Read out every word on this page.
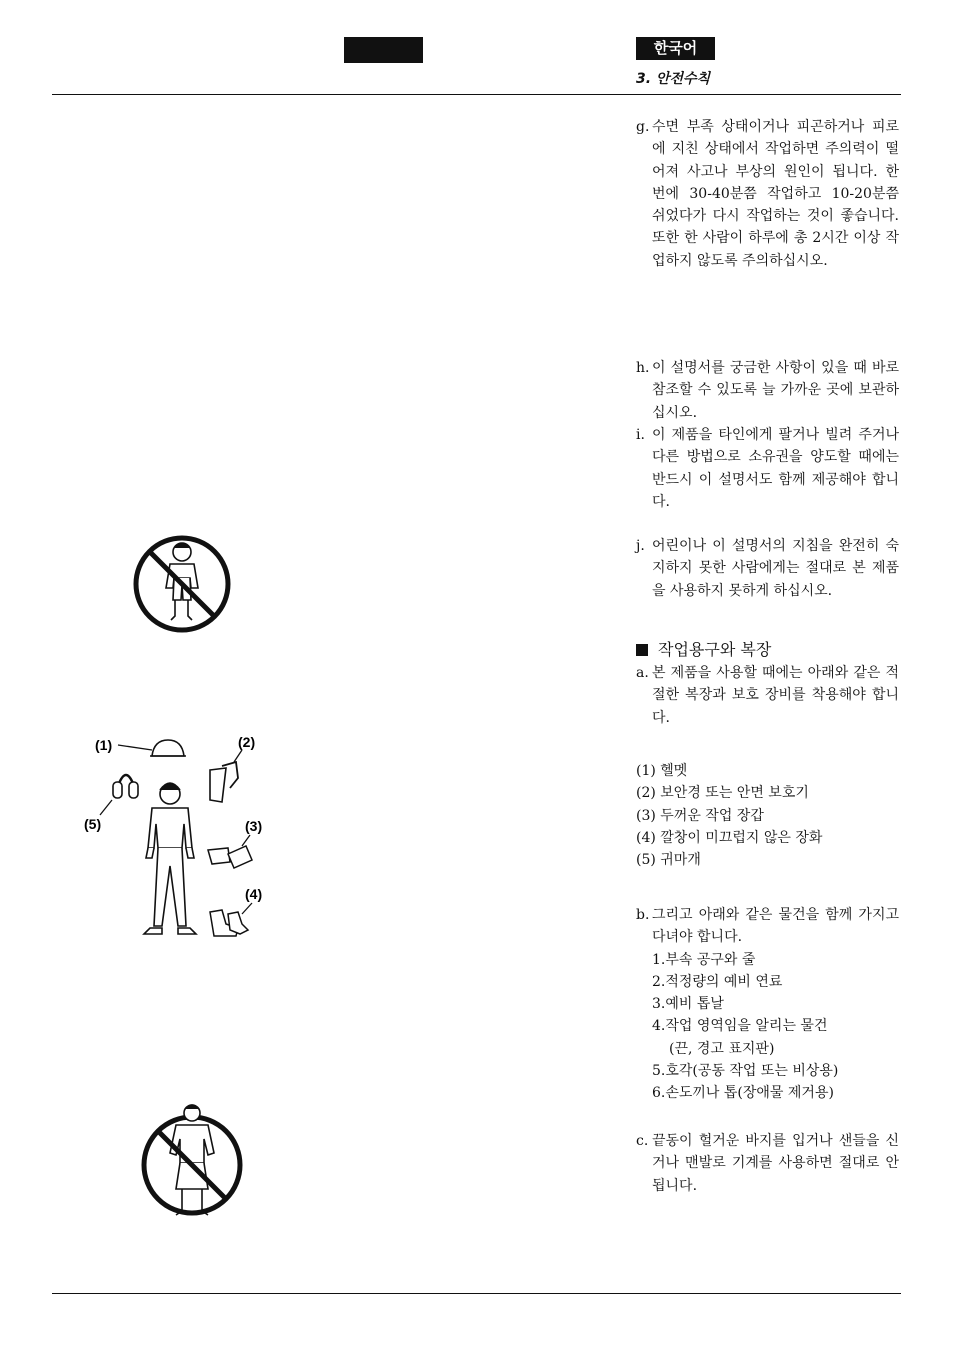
한국어
3. 안전수칙
g. 수면 부족 상태이거나 피곤하거나 피로에 지친 상태에서 작업하면 주의력이 떨어져 사고나 부상의 원인이 됩니다. 한 번에 30-40분쯤 작업하고 10-20분쯤 쉬었다가 다시 작업하는 것이 좋습니다. 또한 한 사람이 하루에 총 2시간 이상 작업하지 않도록 주의하십시오.
h. 이 설명서를 궁금한 사항이 있을 때 바로 참조할 수 있도록 늘 가까운 곳에 보관하십시오.
i. 이 제품을 타인에게 팔거나 빌려 주거나 다른 방법으로 소유권을 양도할 때에는 반드시 이 설명서도 함께 제공해야 합니다.
j. 어린이나 이 설명서의 지침을 완전히 숙지하지 못한 사람에게는 절대로 본 제품을 사용하지 못하게 하십시오.
작업용구와 복장
a. 본 제품을 사용할 때에는 아래와 같은 적절한 복장과 보호 장비를 착용해야 합니다.
(1) 헬멧
(2) 보안경 또는 안면 보호기
(3) 두꺼운 작업 장갑
(4) 깔창이 미끄럽지 않은 장화
(5) 귀마개
b. 그리고 아래와 같은 물건을 함께 가지고 다녀야 합니다.
1.부속 공구와 줄
2.적정량의 예비 연료
3.예비 톱날
4.작업 영역임을 알리는 물건
(끈, 경고 표지판)
5.호각(공동 작업 또는 비상용)
6.손도끼나 톱(장애물 제거용)
c. 끝동이 헐거운 바지를 입거나 샌들을 신거나 맨발로 기계를 사용하면 절대로 안 됩니다.
(1)	(2)
(3)
(4)
(5)
